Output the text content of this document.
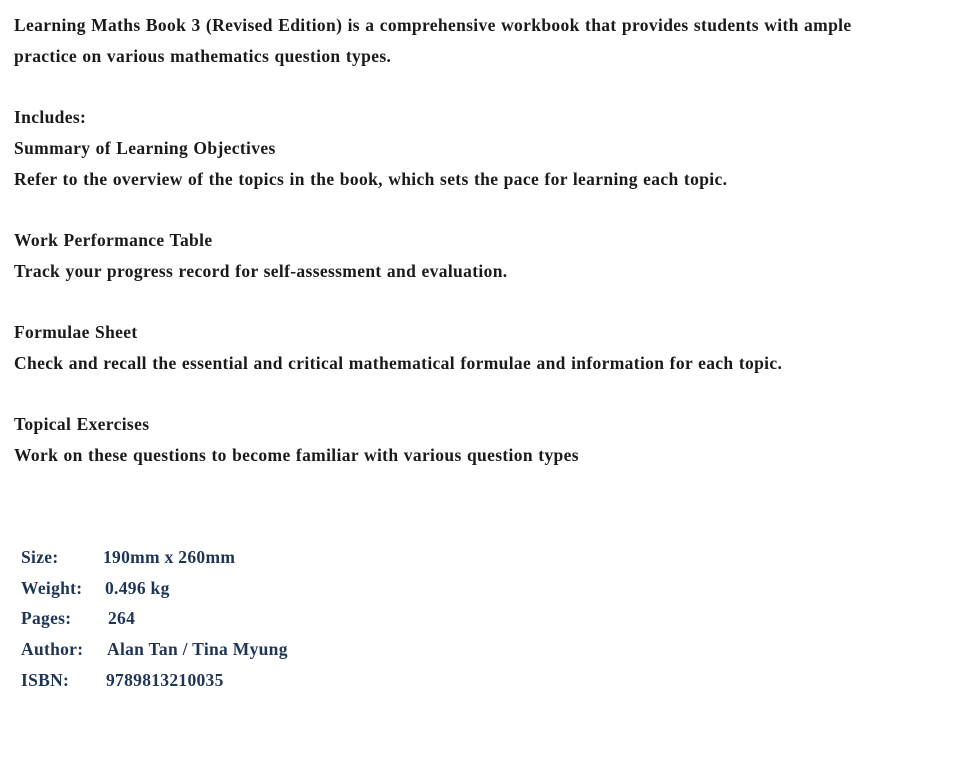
Learning Maths Book 3 (Revised Edition) is a comprehensive workbook that provides students with ample practice on various mathematics question types.

Includes:

Summary of Learning Objectives

Refer to the overview of the topics in the book, which sets the pace for learning each topic.

Work Performance Table

Track your progress record for self-assessment and evaluation.

Formulae Sheet

Check and recall the essential and critical mathematical formulae and information for each topic.

Topical Exercises

Work on these questions to become familiar with various question types

Size:	190mm x 260mm
Weight: 0.496 kg
Pages: 264
Author: Alan Tan / Tina Myung
ISBN: 9789813210035
